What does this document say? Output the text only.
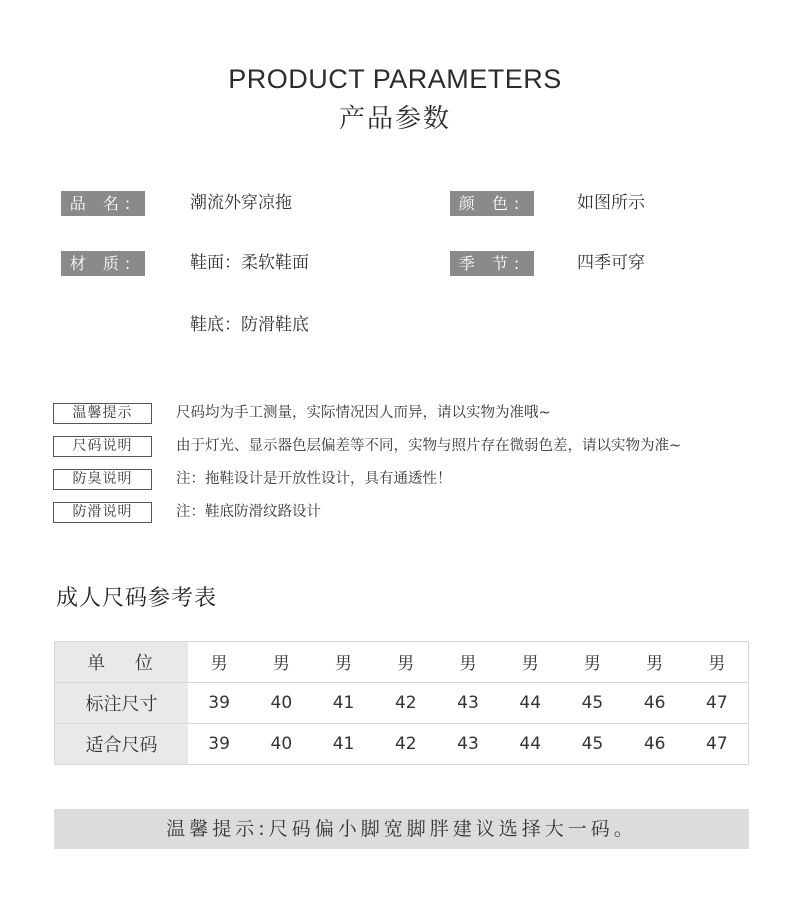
PRODUCT PARAMETERS
产品参数
品 名:	潮流外穿凉拖	颜 色:	如图所示
材 质:	鞋面：柔软鞋面	季 节:	四季可穿
鞋底：防滑鞋底
温馨提示	尺码均为手工测量，实际情况因人而异，请以实物为准哦~
尺码说明	由于灯光、显示器色层偏差等不同，实物与照片存在微弱色差，请以实物为准~
防臭说明	注：拖鞋设计是开放性设计，具有通透性！
防滑说明	注：鞋底防滑纹路设计
成人尺码参考表
单 位	男	男	男	男	男	男	男	男	男
标注尺寸	39	40	41	42	43	44	45	46	47
适合尺码	39	40	41	42	43	44	45	46	47
温馨提示:尺码偏小脚宽脚胖建议选择大一码。
